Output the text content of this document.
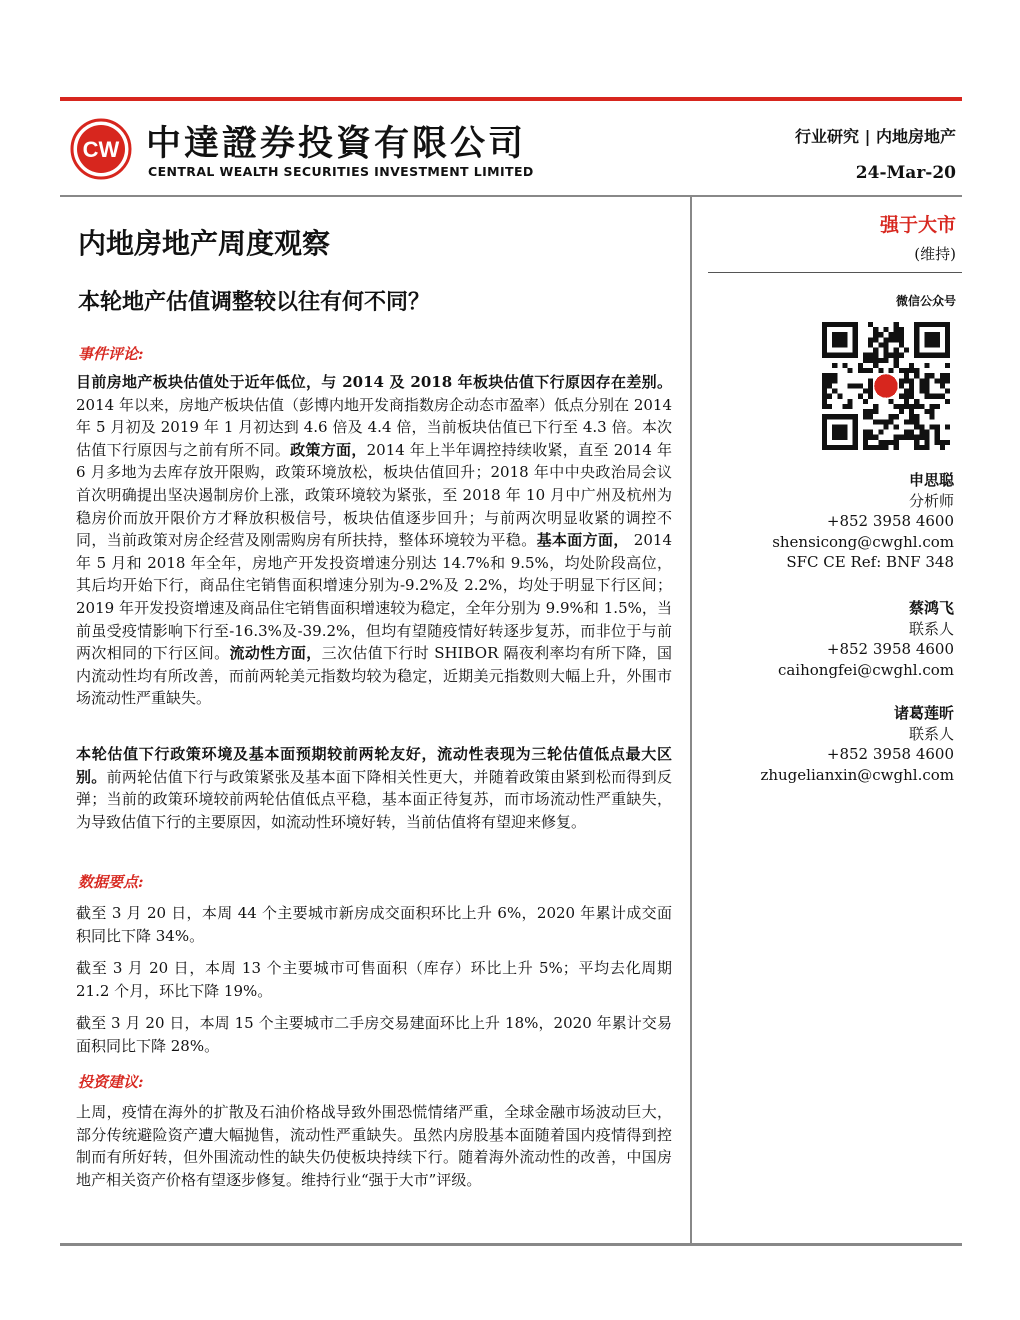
CW 中達證券投資有限公司
CENTRAL WEALTH SECURITIES INVESTMENT LIMITED
行业研究 | 内地房地产
24-Mar-20
内地房地产周度观察
本轮地产估值调整较以往有何不同？
事件评论:
目前房地产板块估值处于近年低位，与 2014 及 2018 年板块估值下行原因存在差别。2014 年以来，房地产板块估值（彭博内地开发商指数房企动态市盈率）低点分别在 2014 年 5 月初及 2019 年 1 月初达到 4.6 倍及 4.4 倍，当前板块估值已下行至 4.3 倍。本次估值下行原因与之前有所不同。政策方面，2014 年上半年调控持续收紧，直至 2014 年 6 月多地为去库存放开限购，政策环境放松，板块估值回升；2018 年中中央政治局会议首次明确提出坚决遏制房价上涨，政策环境较为紧张，至 2018 年 10 月中广州及杭州为稳房价而放开限价方才释放积极信号，板块估值逐步回升；与前两次明显收紧的调控不同，当前政策对房企经营及刚需购房有所扶持，整体环境较为平稳。基本面方面， 2014 年 5 月和 2018 年全年，房地产开发投资增速分别达 14.7%和 9.5%，均处阶段高位，其后均开始下行，商品住宅销售面积增速分别为-9.2%及 2.2%，均处于明显下行区间；2019 年开发投资增速及商品住宅销售面积增速较为稳定，全年分别为 9.9%和 1.5%，当前虽受疫情影响下行至-16.3%及-39.2%，但均有望随疫情好转逐步复苏，而非位于与前两次相同的下行区间。流动性方面，三次估值下行时 SHIBOR 隔夜利率均有所下降，国内流动性均有所改善，而前两轮美元指数均较为稳定，近期美元指数则大幅上升，外围市场流动性严重缺失。
本轮估值下行政策环境及基本面预期较前两轮友好，流动性表现为三轮估值低点最大区别。前两轮估值下行与政策紧张及基本面下降相关性更大，并随着政策由紧到松而得到反弹；当前的政策环境较前两轮估值低点平稳，基本面正待复苏，而市场流动性严重缺失，为导致估值下行的主要原因，如流动性环境好转，当前估值将有望迎来修复。
数据要点:
截至 3 月 20 日，本周 44 个主要城市新房成交面积环比上升 6%，2020 年累计成交面积同比下降 34%。
截至 3 月 20 日，本周 13 个主要城市可售面积（库存）环比上升 5%；平均去化周期 21.2 个月，环比下降 19%。
截至 3 月 20 日，本周 15 个主要城市二手房交易建面环比上升 18%，2020 年累计交易面积同比下降 28%。
投资建议:
上周，疫情在海外的扩散及石油价格战导致外围恐慌情绪严重，全球金融市场波动巨大，部分传统避险资产遭大幅抛售，流动性严重缺失。虽然内房股基本面随着国内疫情得到控制而有所好转，但外围流动性的缺失仍使板块持续下行。随着海外流动性的改善，中国房地产相关资产价格有望逐步修复。维持行业“强于大市”评级。
强于大市
(维持)
微信公众号
申思聪
分析师
+852 3958 4600
shensicong@cwghl.com
SFC CE Ref: BNF 348
蔡鸿飞
联系人
+852 3958 4600
caihongfei@cwghl.com
诸葛莲昕
联系人
+852 3958 4600
zhugelianxin@cwghl.com
